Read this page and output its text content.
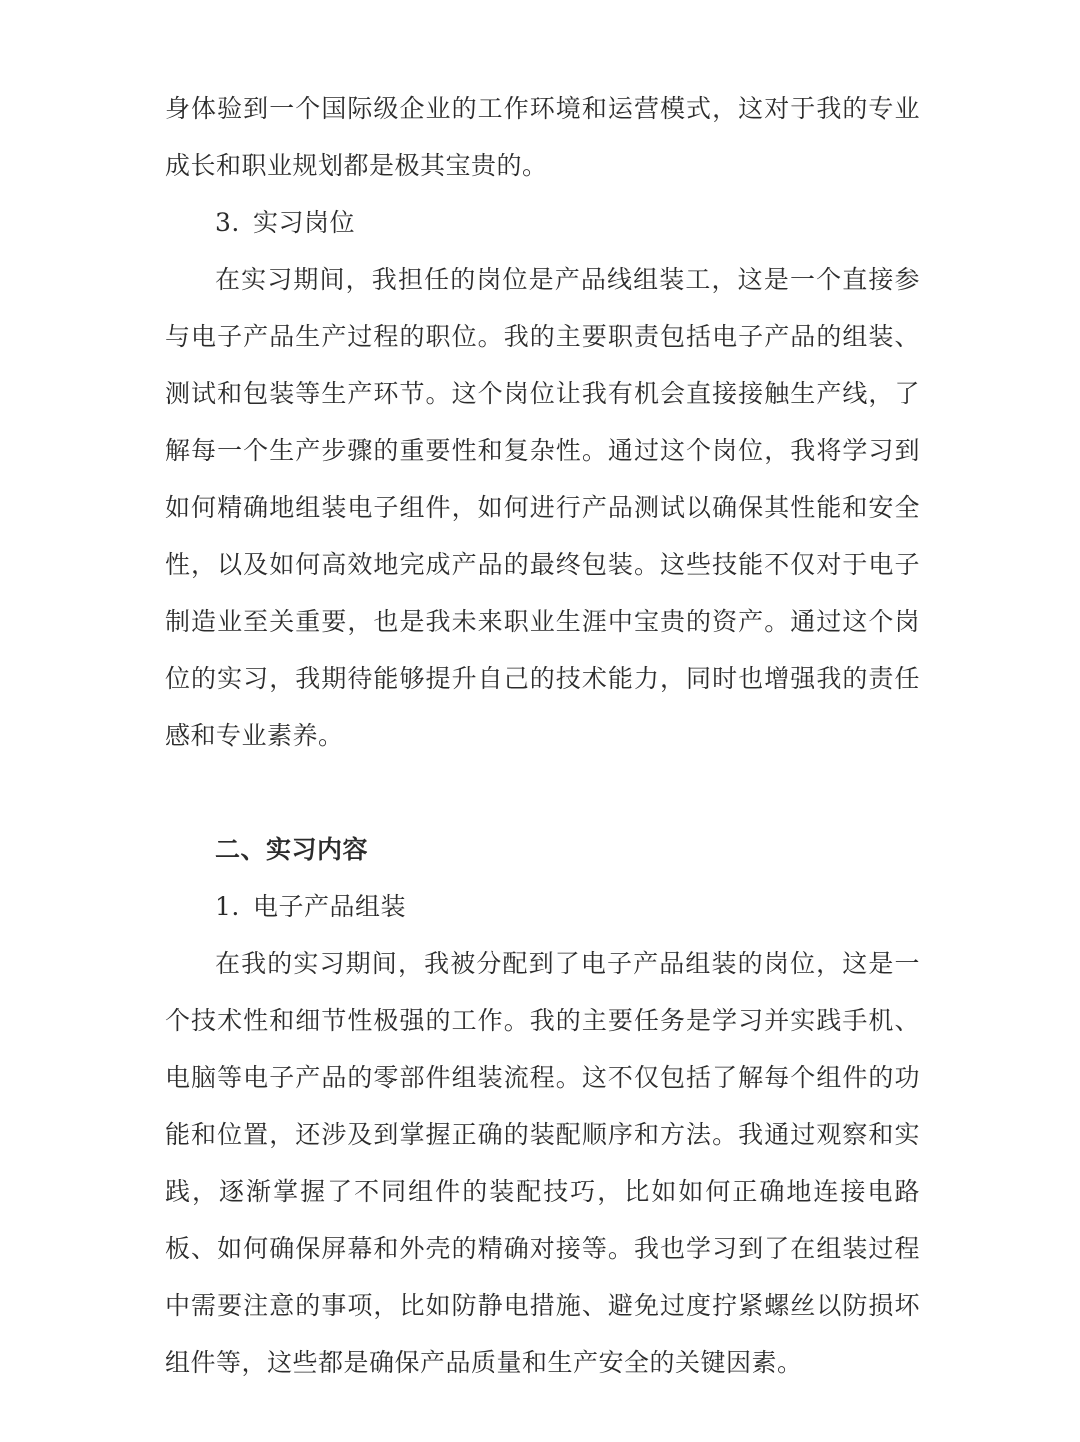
身体验到一个国际级企业的工作环境和运营模式，这对于我的专业成长和职业规划都是极其宝贵的。

3. 实习岗位

在实习期间，我担任的岗位是产品线组装工，这是一个直接参与电子产品生产过程的职位。我的主要职责包括电子产品的组装、测试和包装等生产环节。这个岗位让我有机会直接接触生产线，了解每一个生产步骤的重要性和复杂性。通过这个岗位，我将学习到如何精确地组装电子组件，如何进行产品测试以确保其性能和安全性，以及如何高效地完成产品的最终包装。这些技能不仅对于电子制造业至关重要，也是我未来职业生涯中宝贵的资产。通过这个岗位的实习，我期待能够提升自己的技术能力，同时也增强我的责任感和专业素养。

二、实习内容

1. 电子产品组装

在我的实习期间，我被分配到了电子产品组装的岗位，这是一个技术性和细节性极强的工作。我的主要任务是学习并实践手机、电脑等电子产品的零部件组装流程。这不仅包括了解每个组件的功能和位置，还涉及到掌握正确的装配顺序和方法。我通过观察和实践，逐渐掌握了不同组件的装配技巧，比如如何正确地连接电路板、如何确保屏幕和外壳的精确对接等。我也学习到了在组装过程中需要注意的事项，比如防静电措施、避免过度拧紧螺丝以防损坏组件等，这些都是确保产品质量和生产安全的关键因素。
